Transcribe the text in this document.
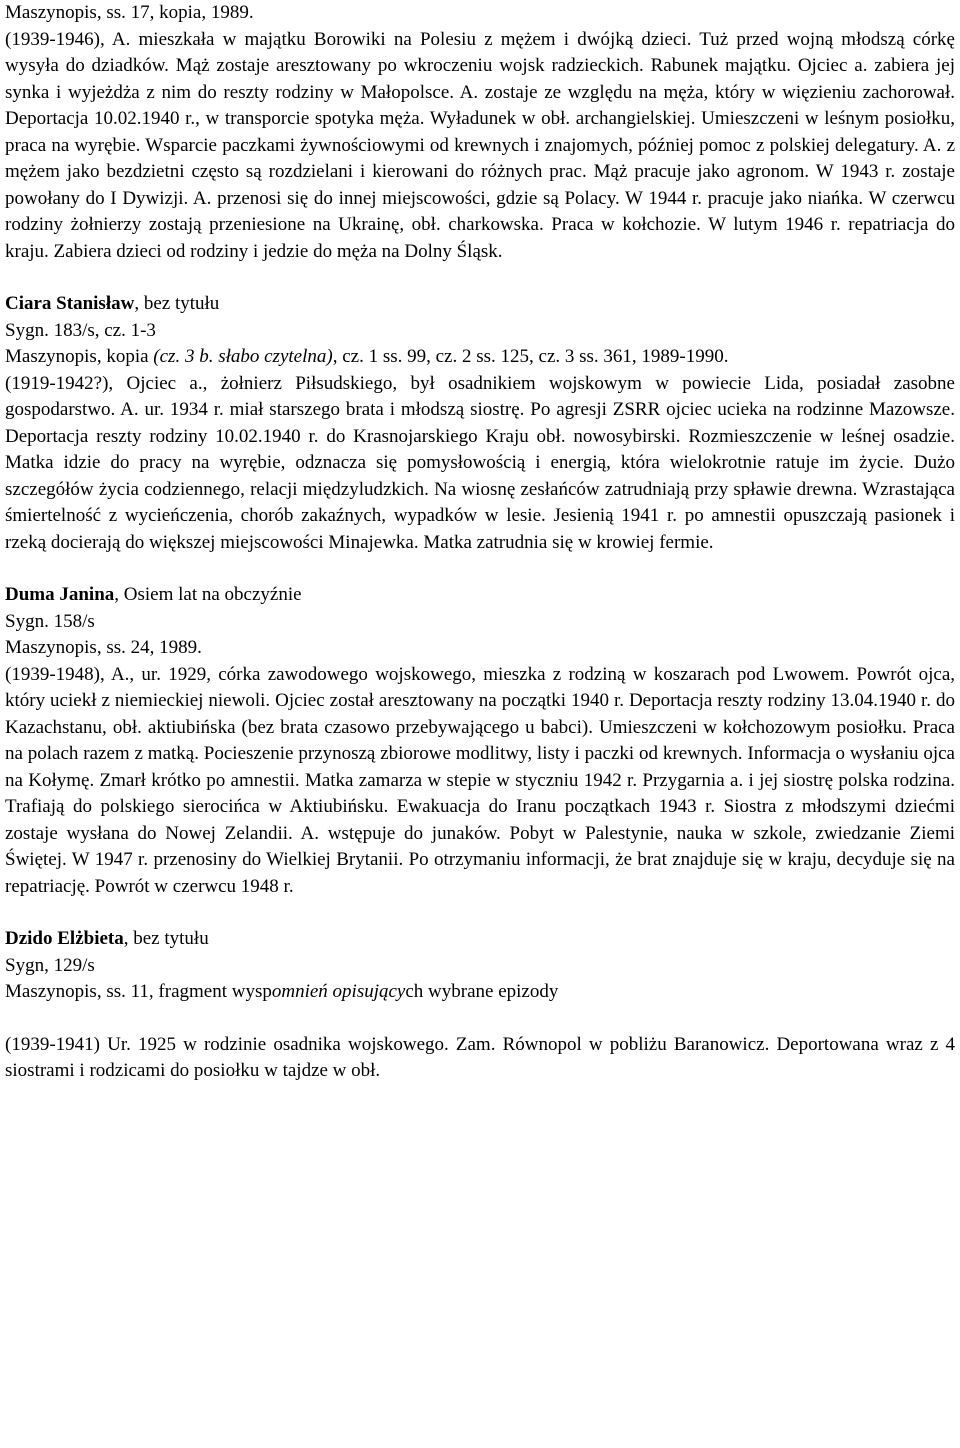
Maszynopis, ss. 17, kopia, 1989.

(1939-1946), A. mieszkała w majątku Borowiki na Polesiu z mężem i dwójką dzieci. Tuż przed wojną młodszą córkę wysyła do dziadków. Mąż zostaje aresztowany po wkroczeniu wojsk radzieckich. Rabunek majątku. Ojciec a. zabiera jej synka i wyjeżdża z nim do reszty rodziny w Małopolsce. A. zostaje ze względu na męża, który w więzieniu zachorował. Deportacja 10.02.1940 r., w transporcie spotyka męża. Wyładunek w obł. archangielskiej. Umieszczeni w leśnym posiołku, praca na wyrębie. Wsparcie paczkami żywnościowymi od krewnych i znajomych, później pomoc z polskiej delegatury. A. z mężem jako bezdzietni często są rozdzielani i kierowani do różnych prac. Mąż pracuje jako agronom. W 1943 r. zostaje powołany do I Dywizji. A. przenosi się do innej miejscowości, gdzie są Polacy. W 1944 r. pracuje jako niańka. W czerwcu rodziny żołnierzy zostają przeniesione na Ukrainę, obł. charkowska. Praca w kołchozie. W lutym 1946 r. repatriacja do kraju. Zabiera dzieci od rodziny i jedzie do męża na Dolny Śląsk.

Ciara Stanisław, bez tytułu

Sygn. 183/s, cz. 1-3

Maszynopis, kopia (cz. 3 b. słabo czytelna), cz. 1 ss. 99, cz. 2 ss. 125, cz. 3 ss. 361, 1989-1990.

(1919-1942?), Ojciec a., żołnierz Piłsudskiego, był osadnikiem wojskowym w powiecie Lida, posiadał zasobne gospodarstwo. A. ur. 1934 r. miał starszego brata i młodszą siostrę. Po agresji ZSRR ojciec ucieka na rodzinne Mazowsze. Deportacja reszty rodziny 10.02.1940 r. do Krasnojarskiego Kraju obł. nowosybirski. Rozmieszczenie w leśnej osadzie. Matka idzie do pracy na wyrębie, odznacza się pomysłowością i energią, która wielokrotnie ratuje im życie. Dużo szczegółów życia codziennego, relacji międzyludzkich. Na wiosnę zesłańców zatrudniają przy spławie drewna. Wzrastająca śmiertelność z wycieńczenia, chorób zakaźnych, wypadków w lesie. Jesienią 1941 r. po amnestii opuszczają pasionek i rzeką docierają do większej miejscowości Minajewka. Matka zatrudnia się w krowiej fermie.

Duma Janina, Osiem lat na obczyźnie

Sygn. 158/s

Maszynopis, ss. 24, 1989.

(1939-1948), A., ur. 1929, córka zawodowego wojskowego, mieszka z rodziną w koszarach pod Lwowem. Powrót ojca, który uciekł z niemieckiej niewoli. Ojciec został aresztowany na początki 1940 r. Deportacja reszty rodziny 13.04.1940 r. do Kazachstanu, obł. aktiubińska (bez brata czasowo przebywającego u babci). Umieszczeni w kołchozowym posiołku. Praca na polach razem z matką. Pocieszenie przynoszą zbiorowe modlitwy, listy i paczki od krewnych. Informacja o wysłaniu ojca na Kołymę. Zmarł krótko po amnestii. Matka zamarza w stepie w styczniu 1942 r. Przygarnia a. i jej siostrę polska rodzina. Trafiają do polskiego sierocińca w Aktiubińsku. Ewakuacja do Iranu początkach 1943 r. Siostra z młodszymi dziećmi zostaje wysłana do Nowej Zelandii. A. wstępuje do junaków. Pobyt w Palestynie, nauka w szkole, zwiedzanie Ziemi Świętej. W 1947 r. przenosiny do Wielkiej Brytanii. Po otrzymaniu informacji, że brat znajduje się w kraju, decyduje się na repatriację. Powrót w czerwcu 1948 r.

Dzido Elżbieta, bez tytułu

Sygn, 129/s

Maszynopis, ss. 11, fragment wyspomnień opisujących wybrane epizody

(1939-1941) Ur. 1925 w rodzinie osadnika wojskowego. Zam. Równopol w pobliżu Baranowicz. Deportowana wraz z 4 siostrami i rodzicami do posiołku w tajdze w obł.
